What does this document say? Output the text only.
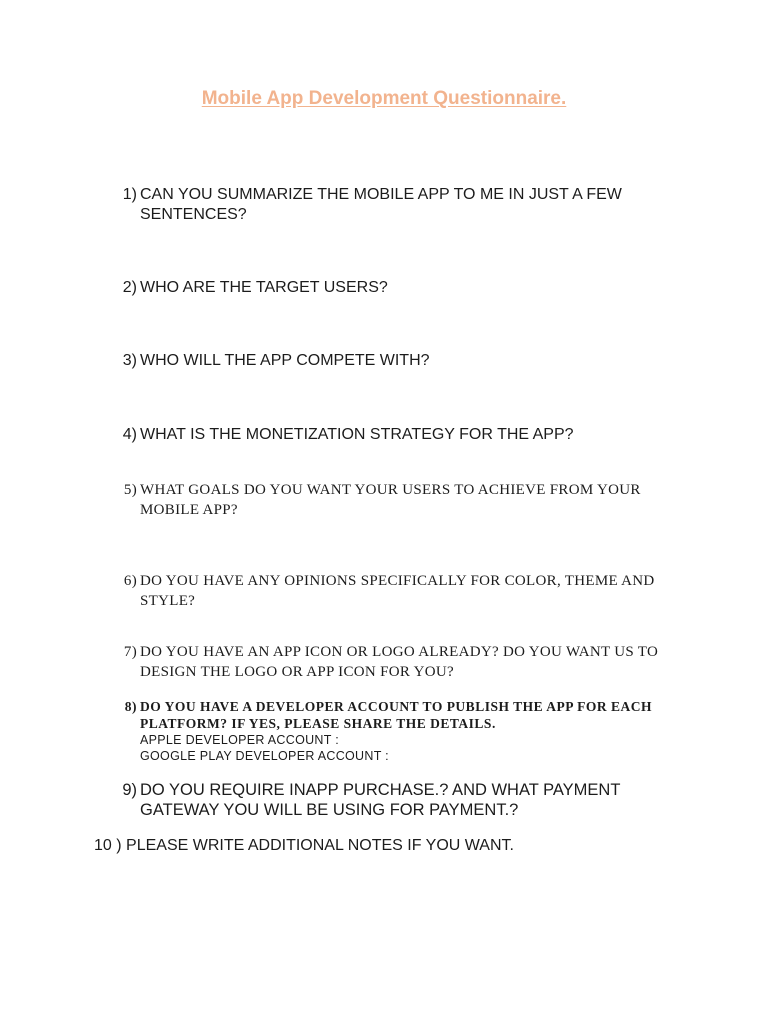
Mobile App Development Questionnaire.
1) CAN YOU SUMMARIZE THE MOBILE APP TO ME IN JUST A FEW SENTENCES?
2) WHO ARE THE TARGET USERS?
3) WHO WILL THE APP COMPETE WITH?
4) WHAT IS THE MONETIZATION STRATEGY FOR THE APP?
5) WHAT GOALS DO YOU WANT YOUR USERS TO ACHIEVE FROM YOUR MOBILE APP?
6) DO YOU HAVE ANY OPINIONS SPECIFICALLY FOR COLOR, THEME AND STYLE?
7) DO YOU HAVE AN APP ICON OR LOGO ALREADY? DO YOU WANT US TO DESIGN THE LOGO OR APP ICON FOR YOU?
8) DO YOU HAVE A DEVELOPER ACCOUNT TO PUBLISH THE APP FOR EACH PLATFORM? IF YES, PLEASE SHARE THE DETAILS.
APPLE DEVELOPER ACCOUNT :
GOOGLE PLAY DEVELOPER ACCOUNT :
9) DO YOU REQUIRE INAPP PURCHASE.? AND WHAT PAYMENT GATEWAY YOU WILL BE USING FOR PAYMENT.?

10 ) PLEASE WRITE ADDITIONAL NOTES IF YOU WANT.
